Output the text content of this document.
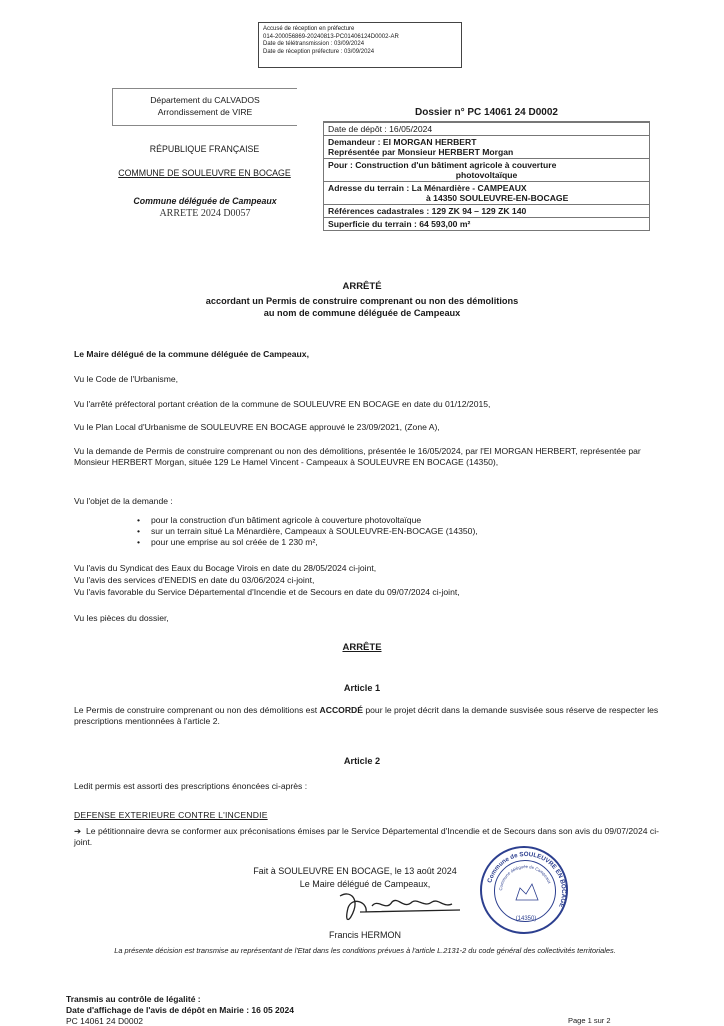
Accusé de réception en préfecture
014-200056869-20240813-PC01406124D0002-AR
Date de télétransmission : 03/09/2024
Date de réception préfecture : 03/09/2024
Département du CALVADOS
Arrondissement de VIRE
RÉPUBLIQUE FRANÇAISE
COMMUNE DE SOULEUVRE EN BOCAGE
Commune déléguée de Campeaux
ARRETE 2024 D0057
Dossier n° PC 14061 24 D0002
Date de dépôt : 16/05/2024
Demandeur : EI MORGAN HERBERT
Représentée par Monsieur HERBERT Morgan
Pour : Construction d'un bâtiment agricole à couverture
photovoltaïque
Adresse du terrain : La Ménardière - CAMPEAUX
à 14350 SOULEUVRE-EN-BOCAGE
Références cadastrales : 129 ZK 94 – 129 ZK 140
Superficie du terrain : 64 593,00 m²
ARRÊTÉ
accordant un Permis de construire comprenant ou non des démolitions
au nom de commune déléguée de Campeaux
Le Maire délégué de la commune déléguée de Campeaux,
Vu le Code de l'Urbanisme,
Vu l'arrêté préfectoral portant création de la commune de SOULEUVRE EN BOCAGE en date du 01/12/2015,
Vu le Plan Local d'Urbanisme de SOULEUVRE EN BOCAGE approuvé le 23/09/2021, (Zone A),
Vu la demande de Permis de construire comprenant ou non des démolitions, présentée le 16/05/2024, par l'EI MORGAN HERBERT, représentée par Monsieur HERBERT Morgan, située 129 Le Hamel Vincent - Campeaux à SOULEUVRE EN BOCAGE (14350),
Vu l'objet de la demande :
• pour la construction d'un bâtiment agricole à couverture photovoltaïque
• sur un terrain situé La Ménardière, Campeaux à SOULEUVRE-EN-BOCAGE (14350),
• pour une emprise au sol créée de 1 230 m²,
Vu l'avis du Syndicat des Eaux du Bocage Virois en date du 28/05/2024 ci-joint,
Vu l'avis des services d'ENEDIS en date du 03/06/2024 ci-joint,
Vu l'avis favorable du Service Départemental d'Incendie et de Secours en date du 09/07/2024 ci-joint,
Vu les pièces du dossier,
ARRÊTE
Article 1
Le Permis de construire comprenant ou non des démolitions est ACCORDÉ pour le projet décrit dans la demande susvisée sous réserve de respecter les prescriptions mentionnées à l'article 2.
Article 2
Ledit permis est assorti des prescriptions énoncées ci-après :
DEFENSE EXTERIEURE CONTRE L'INCENDIE
➔ Le pétitionnaire devra se conformer aux préconisations émises par le Service Départemental d'Incendie et de Secours dans son avis du 09/07/2024 ci-joint.
Fait à SOULEUVRE EN BOCAGE, le 13 août 2024
Le Maire délégué de Campeaux,
Francis HERMON
Commune de SOULEUVRE EN BOCAGE
Commune déléguée de Campeaux
(14350)
La présente décision est transmise au représentant de l'Etat dans les conditions prévues à l'article L.2131-2 du code général des collectivités territoriales.
Transmis au contrôle de légalité :
Date d'affichage de l'avis de dépôt en Mairie : 16 05 2024
PC 14061 24 D0002	Page 1 sur 2
